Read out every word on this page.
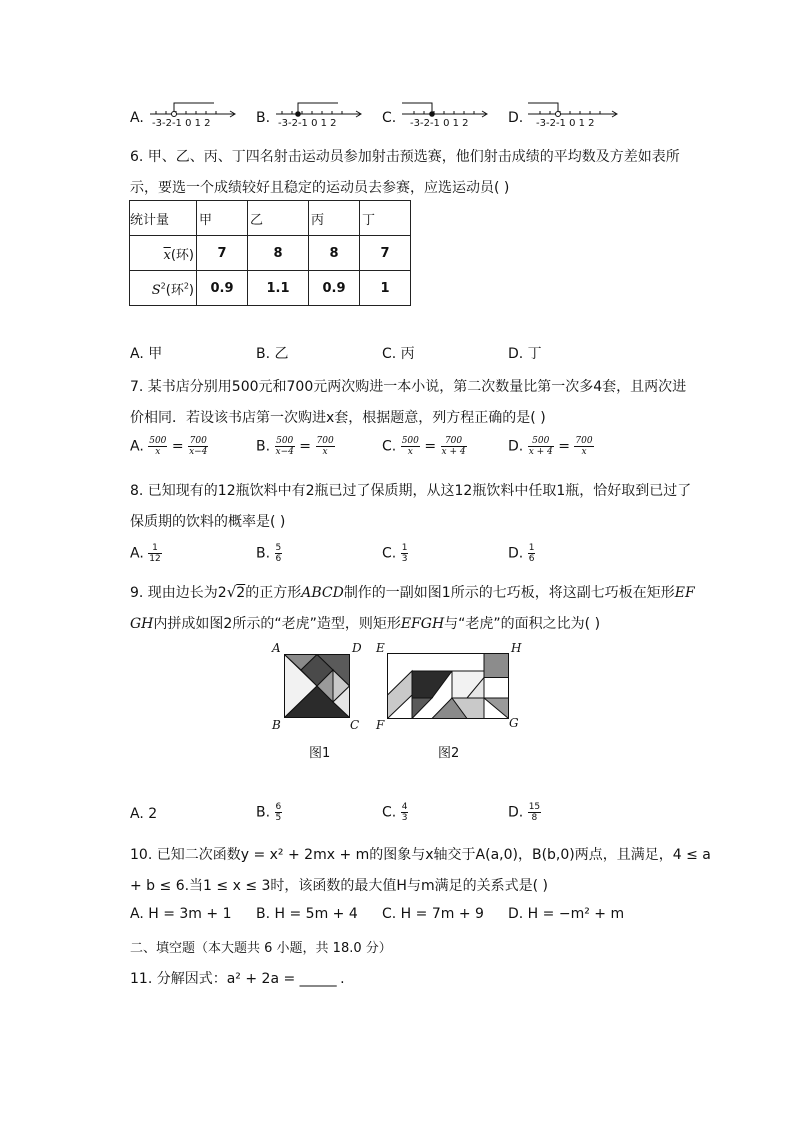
A.	B.	C.	D.
-3-2-1 0 1 2	-3-2-1 0 1 2	-3-2-1 0 1 2	-3-2-1 0 1 2
6. 甲、乙、丙、丁四名射击运动员参加射击预选赛，他们射击成绩的平均数及方差如表所
示，要选一个成绩较好且稳定的运动员去参赛，应选运动员( )
统计量	甲	乙	丙	丁
$\overline{x}$(环)	7	8	8	7
$S^2$(环$^2$)	0.9	1.1	0.9	1
A. 甲	B. 乙	C. 丙	D. 丁
7. 某书店分别用500元和700元两次购进一本小说，第二次数量比第一次多4套，且两次进
价相同．若设该书店第一次购进x套，根据题意，列方程正确的是( )
A. $\frac{500}{x} = \frac{700}{x-4}$	B. $\frac{500}{x-4} = \frac{700}{x}$	C. $\frac{500}{x} = \frac{700}{x + 4}$	D. $\frac{500}{x + 4} = \frac{700}{x}$
8. 已知现有的12瓶饮料中有2瓶已过了保质期，从这12瓶饮料中任取1瓶，恰好取到已过了
保质期的饮料的概率是( )
A. $\frac{1}{12}$	B. $\frac{5}{6}$	C. $\frac{1}{3}$	D. $\frac{1}{6}$
9. 现由边长为2√2的正方形ABCD制作的一副如图1所示的七巧板，将这副七巧板在矩形EF
GH内拼成如图2所示的“老虎”造型，则矩形EFGH与“老虎”的面积之比为( )
A	D
B	C
图1
E	H
F	G
图2
A. 2	B. $\frac{6}{5}$	C. $\frac{4}{3}$	D. $\frac{15}{8}$
10. 已知二次函数y = x² + 2mx + m的图象与x轴交于A(a,0)，B(b,0)两点，且满足，4 ≤ a
+ b ≤ 6.当1 ≤ x ≤ 3时，该函数的最大值H与m满足的关系式是( )
A. H = 3m + 1 B. H = 5m + 4 C. H = 7m + 9 D. H = −m² + m
二、填空题（本大题共 6 小题，共 18.0 分）
11. 分解因式：a² + 2a = ______ .
